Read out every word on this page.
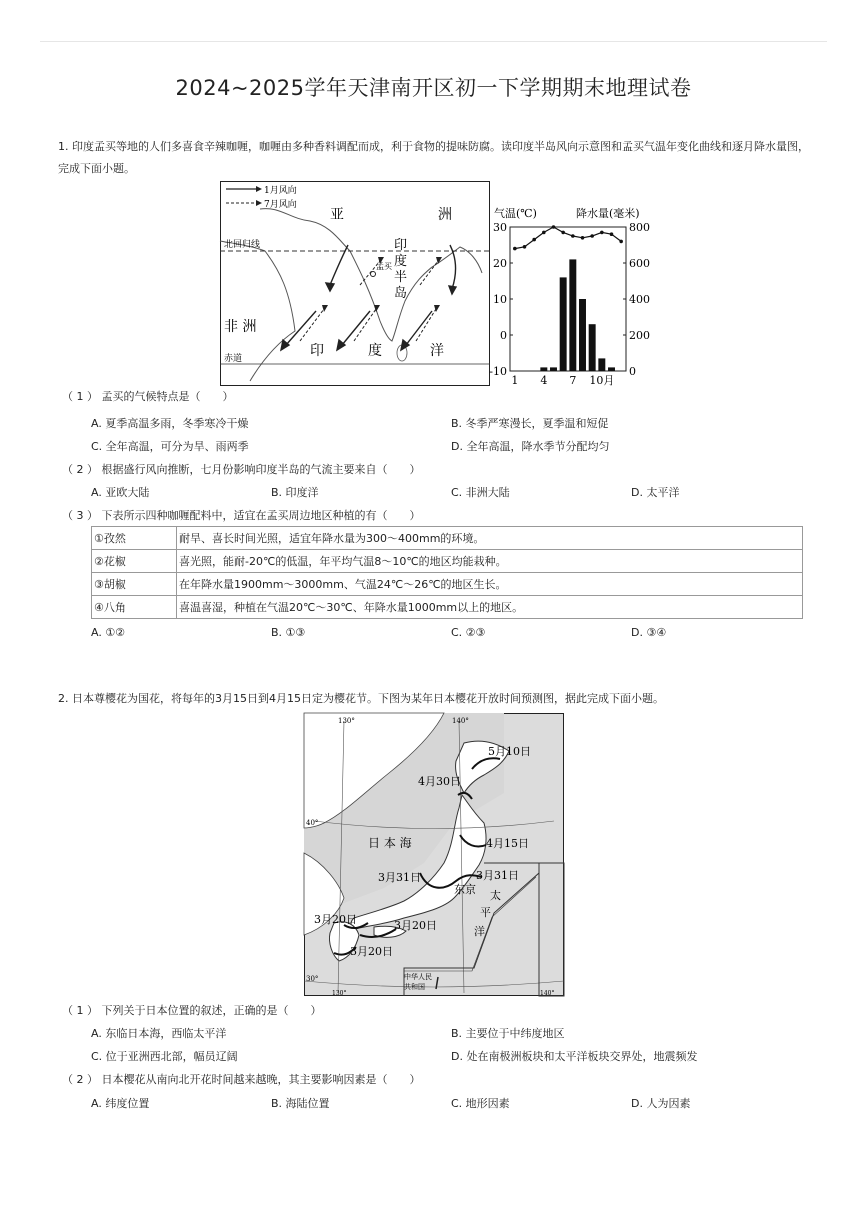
2024~2025学年天津南开区初一下学期期末地理试卷
1. 印度孟买等地的人们多喜食辛辣咖喱，咖喱由多种香料调配而成，利于食物的提味防腐。读印度半岛风向示意图和孟买气温年变化曲线和逐月降水量图，完成下面小题。
1月风向
7月风向
北回归线
赤道
亚	洲
印
度
半
岛
孟买
非 洲
印	度	洋
气温(℃)	降水量(毫米)
30
20
10
0
-10
800
600
400
200
0
1 4 7 10月
（ 1 ） 孟买的气候特点是（　　）
A. 夏季高温多雨，冬季寒冷干燥	B. 冬季严寒漫长，夏季温和短促
C. 全年高温，可分为旱、雨两季	D. 全年高温，降水季节分配均匀
（ 2 ） 根据盛行风向推断，七月份影响印度半岛的气流主要来自（　　）
A. 亚欧大陆	B. 印度洋	C. 非洲大陆	D. 太平洋
（ 3 ） 下表所示四种咖喱配料中，适宜在孟买周边地区种植的有（　　）
①孜然	耐旱、喜长时间光照，适宜年降水量为300～400mm的环境。
②花椒	喜光照，能耐-20℃的低温，年平均气温8～10℃的地区均能栽种。
③胡椒	在年降水量1900mm～3000mm、气温24℃～26℃的地区生长。
④八角	喜温喜湿，种植在气温20℃～30℃、年降水量1000mm以上的地区。
A. ①②	B. ①③	C. ②③	D. ③④
2. 日本尊樱花为国花，将每年的3月15日到4月15日定为樱花节。下图为某年日本樱花开放时间预测图，据此完成下面小题。
130°	140°
40°
30°
5月10日
4月30日
4月15日
日 本 海
3月31日	3月31日
东京 太
平
洋
3月20日	3月20日
3月20日
中华人民
共和国
130°	140°
（ 1 ） 下列关于日本位置的叙述，正确的是（　　）
A. 东临日本海，西临太平洋	B. 主要位于中纬度地区
C. 位于亚洲西北部，幅员辽阔	D. 处在南极洲板块和太平洋板块交界处，地震频发
（ 2 ） 日本樱花从南向北开花时间越来越晚，其主要影响因素是（　　）
A. 纬度位置	B. 海陆位置	C. 地形因素	D. 人为因素
